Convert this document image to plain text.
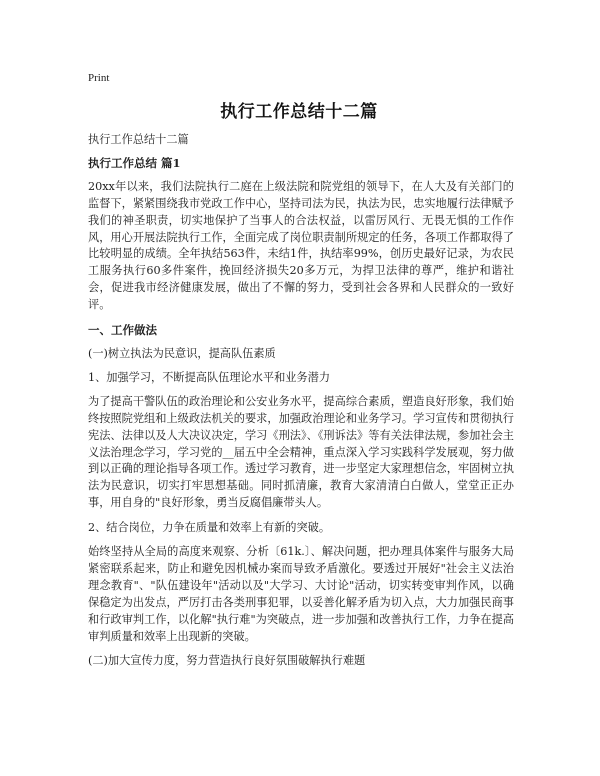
Print
执行工作总结十二篇

执行工作总结十二篇

执行工作总结 篇1

20xx年以来，我们法院执行二庭在上级法院和院党组的领导下，在人大及有关部门的监督下，紧紧围绕我市党政工作中心，坚持司法为民，执法为民，忠实地履行法律赋予我们的神圣职责，切实地保护了当事人的合法权益，以雷厉风行、无畏无惧的工作作风，用心开展法院执行工作，全面完成了岗位职责制所规定的任务，各项工作都取得了比较明显的成绩。全年执结563件，未结1件，执结率99%，创历史最好记录，为农民工服务执行60多件案件，挽回经济损失20多万元，为捍卫法律的尊严，维护和谐社会，促进我市经济健康发展，做出了不懈的努力，受到社会各界和人民群众的一致好评。

一、工作做法

(一)树立执法为民意识，提高队伍素质

1、加强学习，不断提高队伍理论水平和业务潜力

为了提高干警队伍的政治理论和公安业务水平，提高综合素质，塑造良好形象，我们始终按照院党组和上级政法机关的要求，加强政治理论和业务学习。学习宣传和贯彻执行宪法、法律以及人大决议决定，学习《刑法》、《刑诉法》等有关法律法规，参加社会主义法治理念学习，学习党的__届五中全会精神，重点深入学习实践科学发展观，努力做到以正确的理论指导各项工作。透过学习教育，进一步坚定大家理想信念，牢固树立执法为民意识，切实打牢思想基础。同时抓清廉，教育大家清清白白做人，堂堂正正办事，用自身的"良好形象，勇当反腐倡廉带头人。

2、结合岗位，力争在质量和效率上有新的突破。

始终坚持从全局的高度来观察、分析〔61k.〕、解决问题，把办理具体案件与服务大局紧密联系起来，防止和避免因机械办案而导致矛盾激化。要透过开展好"社会主义法治理念教育"、"队伍建设年"活动以及"大学习、大讨论"活动，切实转变审判作风，以确保稳定为出发点，严厉打击各类刑事犯罪，以妥善化解矛盾为切入点，大力加强民商事和行政审判工作，以化解"执行难"为突破点，进一步加强和改善执行工作，力争在提高审判质量和效率上出现新的突破。

(二)加大宣传力度，努力营造执行良好氛围破解执行难题
